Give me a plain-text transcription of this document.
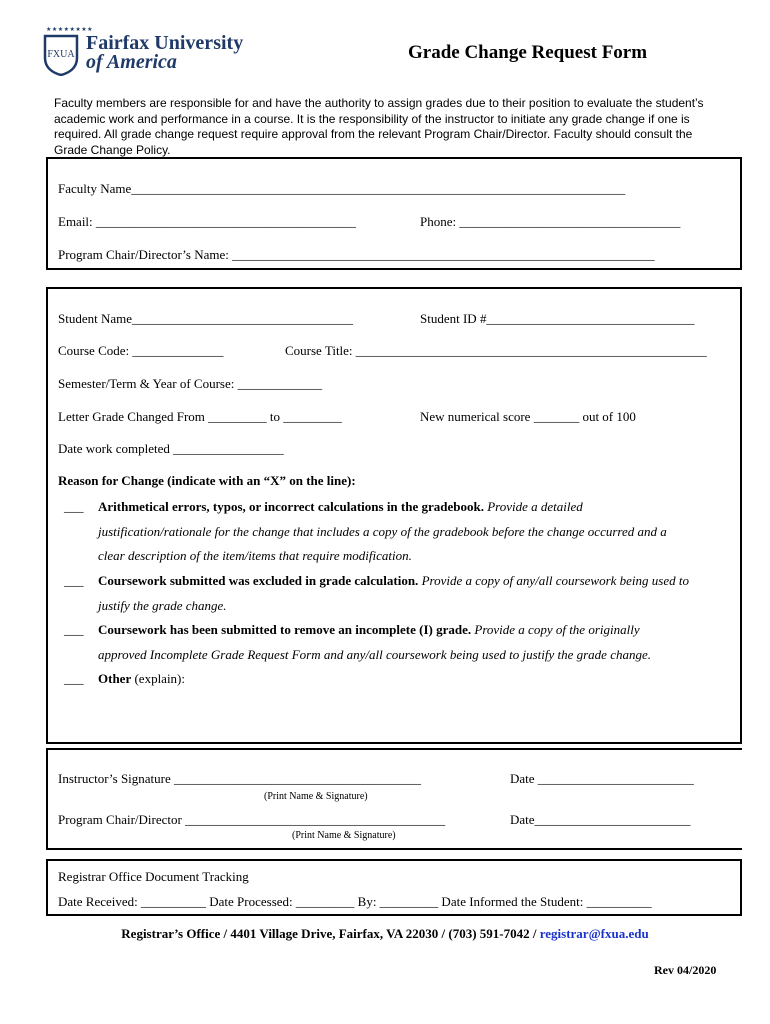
★★★★★★★★
FXUA
Fairfax University
of America	Grade Change Request Form
Faculty members are responsible for and have the authority to assign grades due to their position to evaluate the student’s academic work and performance in a course. It is the responsibility of the instructor to initiate any grade change if one is required. All grade change request require approval from the relevant Program Chair/Director. Faculty should consult the Grade Change Policy.
Faculty Name____________________________________________________________________________
Email: ________________________________________	Phone: __________________________________
Program Chair/Director’s Name: _________________________________________________________________
Student Name__________________________________	Student ID #________________________________
Course Code: ______________	Course Title: ______________________________________________________
Semester/Term & Year of Course: _____________
Letter Grade Changed From _________ to _________	New numerical score _______ out of 100
Date work completed _________________
Reason for Change (indicate with an “X” on the line):
___ Arithmetical errors, typos, or incorrect calculations in the gradebook. Provide a detailed
justification/rationale for the change that includes a copy of the gradebook before the change occurred and a
clear description of the item/items that require modification.
___ Coursework submitted was excluded in grade calculation. Provide a copy of any/all coursework being used to
justify the grade change.
___ Coursework has been submitted to remove an incomplete (I) grade. Provide a copy of the originally
approved Incomplete Grade Request Form and any/all coursework being used to justify the grade change.
___ Other (explain):
Instructor’s Signature ______________________________________	Date ________________________
(Print Name & Signature)
Program Chair/Director ________________________________________	Date________________________
(Print Name & Signature)
Registrar Office Document Tracking
Date Received: __________ Date Processed: _________ By: _________ Date Informed the Student: __________
Registrar’s Office / 4401 Village Drive, Fairfax, VA 22030 / (703) 591-7042 / registrar@fxua.edu
Rev 04/2020
